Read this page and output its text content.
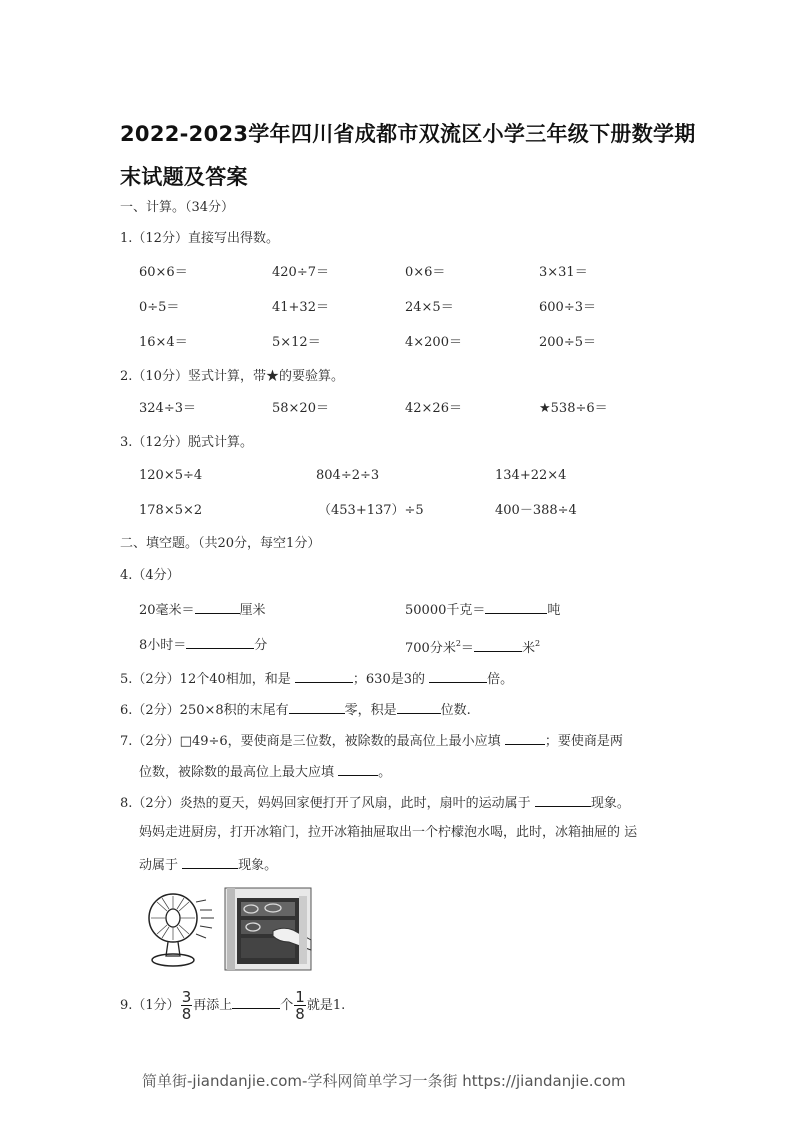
2022-2023学年四川省成都市双流区小学三年级下册数学期
末试题及答案
一、计算。（34分）
1.（12分）直接写出得数。
60×6＝	420÷7＝	0×6＝	3×31＝
0÷5＝	41+32＝	24×5＝	600÷3＝
16×4＝	5×12＝	4×200＝	200÷5＝
2.（10分）竖式计算，带★的要验算。
324÷3＝	58×20＝	42×26＝	★538÷6＝
3.（12分）脱式计算。
120×5÷4	804÷2÷3	134+22×4
178×5×2	（453+137）÷5	400－388÷4
二、填空题。（共20分，每空1分）
4.（4分）
20毫米＝	厘米	50000千克＝	吨
8小时＝	分	700分米$^2$＝	米$^2$
5.（2分）12个40相加，和是	；630是3的	倍。
6.（2分）250×8积的末尾有	零，积是	位数.
7.（2分）□49÷6，要使商是三位数，被除数的最高位上最小应填	；要使商是两
位数，被除数的最高位上最大应填	。
8.（2分）炎热的夏天，妈妈回家便打开了风扇，此时，扇叶的运动属于	现象。
妈妈走进厨房，打开冰箱门，拉开冰箱抽屉取出一个柠檬泡水喝，此时，冰箱抽屉的 运
动属于	现象。
9.（1分） $\frac{3}{8}$ 再添上	个 $\frac{1}{8}$ 就是1.
简单街-jiandanjie.com-学科网简单学习一条街 https://jiandanjie.com
